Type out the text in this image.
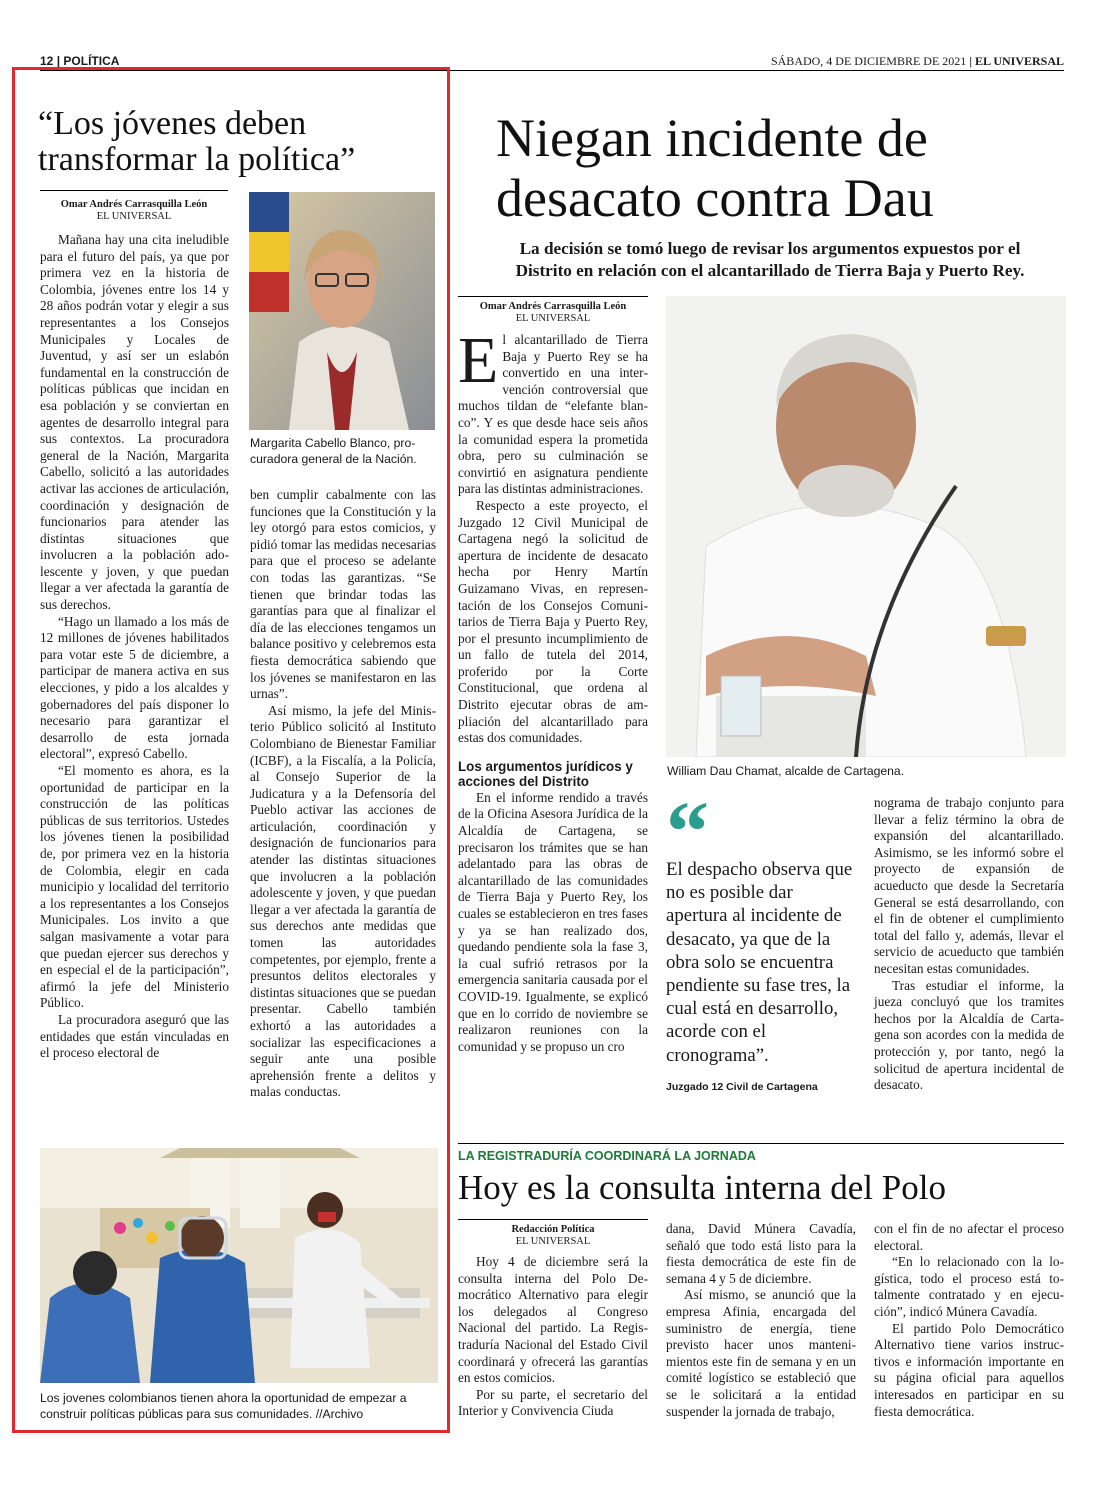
12 | POLÍTICA	SÁBADO, 4 DE DICIEMBRE DE 2021 | EL UNIVERSAL
“Los jóvenes deben transformar la política”
Omar Andrés Carrasquilla León
EL UNIVERSAL
Margarita Cabello Blanco, procuradora general de la Nación.

Mañana hay una cita ineludible para el futuro del país, ya que por primera vez en la historia de Colombia, jóvenes entre los 14 y 28 años podrán votar y elegir a sus representantes a los Consejos Municipales y Locales de Juventud, y así ser un eslabón fundamental en la construcción de políticas públicas que incidan en esa población y se conviertan en agentes de desarrollo integral para sus contextos. La procuradora general de la Nación, Margarita Cabello, solicitó a las autoridades activar las acciones de articulación, coordinación y designación de funcionarios para atender las distintas situaciones que involucren a la población adolescente y joven, y que puedan llegar a ver afectada la garantía de sus derechos.

“Hago un llamado a los más de 12 millones de jóvenes habilitados para votar este 5 de diciembre, a participar de manera activa en sus elecciones, y pido a los alcaldes y gobernadores del país disponer lo necesario para garantizar el desarrollo de esta jornada electoral”, expresó Cabello.

“El momento es ahora, es la oportunidad de participar en la construcción de las políticas públicas de sus territorios. Ustedes los jóvenes tienen la posibilidad de, por primera vez en la historia de Colombia, elegir en cada municipio y localidad del territorio a los representantes a los Consejos Municipales. Los invito a que salgan masivamente a votar para que puedan ejercer sus derechos y en especial el de la participación”, afirmó la jefe del Ministerio Público.

La procuradora aseguró que las entidades que están vinculadas en el proceso electoral de

ben cumplir cabalmente con las funciones que la Constitución y la ley otorgó para estos comicios, y pidió tomar las medidas necesarias para que el proceso se adelante con todas las garantizas. “Se tienen que brindar todas las garantías para que al finalizar el día de las elecciones tengamos un balance positivo y celebremos esta fiesta democrática sabiendo que los jóvenes se manifestaron en las urnas”.

Así mismo, la jefe del Ministerio Público solicitó al Instituto Colombiano de Bienestar Familiar (ICBF), a la Fiscalía, a la Policía, al Consejo Superior de la Judicatura y a la Defensoría del Pueblo activar las acciones de articulación, coordinación y designación de funcionarios para atender las distintas situaciones que involucren a la población adolescente y joven, y que puedan llegar a ver afectada la garantía de sus derechos ante medidas que tomen las autoridades competentes, por ejemplo, frente a presuntos delitos electorales y distintas situaciones que se puedan presentar. Cabello también exhortó a las autoridades a socializar las especificaciones a seguir ante una posible aprehensión frente a delitos y malas conductas.

Los jovenes colombianos tienen ahora la oportunidad de empezar a construir políticas públicas para sus comunidades. //Archivo
Niegan incidente de desacato contra Dau
La decisión se tomó luego de revisar los argumentos expuestos por el Distrito en relación con el alcantarillado de Tierra Baja y Puerto Rey.
Omar Andrés Carrasquilla León
EL UNIVERSAL
E l alcantarillado de Tierra Baja y Puerto Rey se ha convertido en una intervención controversial que muchos tildan de “elefante blanco”. Y es que desde hace seis años la comunidad espera la prometida obra, pero su culminación se convirtió en asignatura pendiente para las distintas administraciones.

Respecto a este proyecto, el Juzgado 12 Civil Municipal de Cartagena negó la solicitud de apertura de incidente de desacato hecha por Henry Martín Guizamano Vivas, en representación de los Consejos Comunitarios de Tierra Baja y Puerto Rey, por el presunto incumplimiento de un fallo de tutela del 2014, proferido por la Corte Constitucional, que ordena al Distrito ejecutar obras de ampliación del alcantarillado para estas dos comunidades.

Los argumentos jurídicos y acciones del Distrito

En el informe rendido a través de la Oficina Asesora Jurídica de la Alcaldía de Cartagena, se precisaron los trámites que se han adelantado para las obras de alcantarillado de las comunidades de Tierra Baja y Puerto Rey, los cuales se establecieron en tres fases y ya se han realizado dos, quedando pendiente sola la fase 3, la cual sufrió retrasos por la emergencia sanitaria causada por el COVID-19. Igualmente, se explicó que en lo corrido de noviembre se realizaron reuniones con la comunidad y se propuso un cro

William Dau Chamat, alcalde de Cartagena.
“
El despacho observa que no es posible dar apertura al incidente de desacato, ya que de la obra solo se encuentra pendiente su fase tres, la cual está en desarrollo, acorde con el cronograma”.
Juzgado 12 Civil de Cartagena

nograma de trabajo conjunto para llevar a feliz término la obra de expansión del alcantarillado. Asimismo, se les informó sobre el proyecto de expansión de acueducto que desde la Secretaría General se está desarrollando, con el fin de obtener el cumplimiento total del fallo y, además, llevar el servicio de acueducto que también necesitan estas comunidades.

Tras estudiar el informe, la jueza concluyó que los tramites hechos por la Alcaldía de Cartagena son acordes con la medida de protección y, por tanto, negó la solicitud de apertura incidental de desacato.

LA REGISTRADURÍA COORDINARÁ LA JORNADA
Hoy es la consulta interna del Polo
Redacción Política
EL UNIVERSAL

Hoy 4 de diciembre será la consulta interna del Polo Democrático Alternativo para elegir los delegados al Congreso Nacional del partido. La Registraduría Nacional del Estado Civil coordinará y ofrecerá las garantías en estos comicios.

Por su parte, el secretario del Interior y Convivencia Ciuda

dana, David Múnera Cavadía, señaló que todo está listo para la fiesta democrática de este fin de semana 4 y 5 de diciembre.

Así mismo, se anunció que la empresa Afinia, encargada del suministro de energía, tiene previsto hacer unos mantenimientos este fin de semana y en un comité logístico se estableció que se le solicitará a la entidad suspender la jornada de trabajo,

con el fin de no afectar el proceso electoral.

“En lo relacionado con la logística, todo el proceso está totalmente contratado y en ejecución”, indicó Múnera Cavadía.

El partido Polo Democrático Alternativo tiene varios instructivos e información importante en su página oficial para aquellos interesados en participar en su fiesta democrática.
